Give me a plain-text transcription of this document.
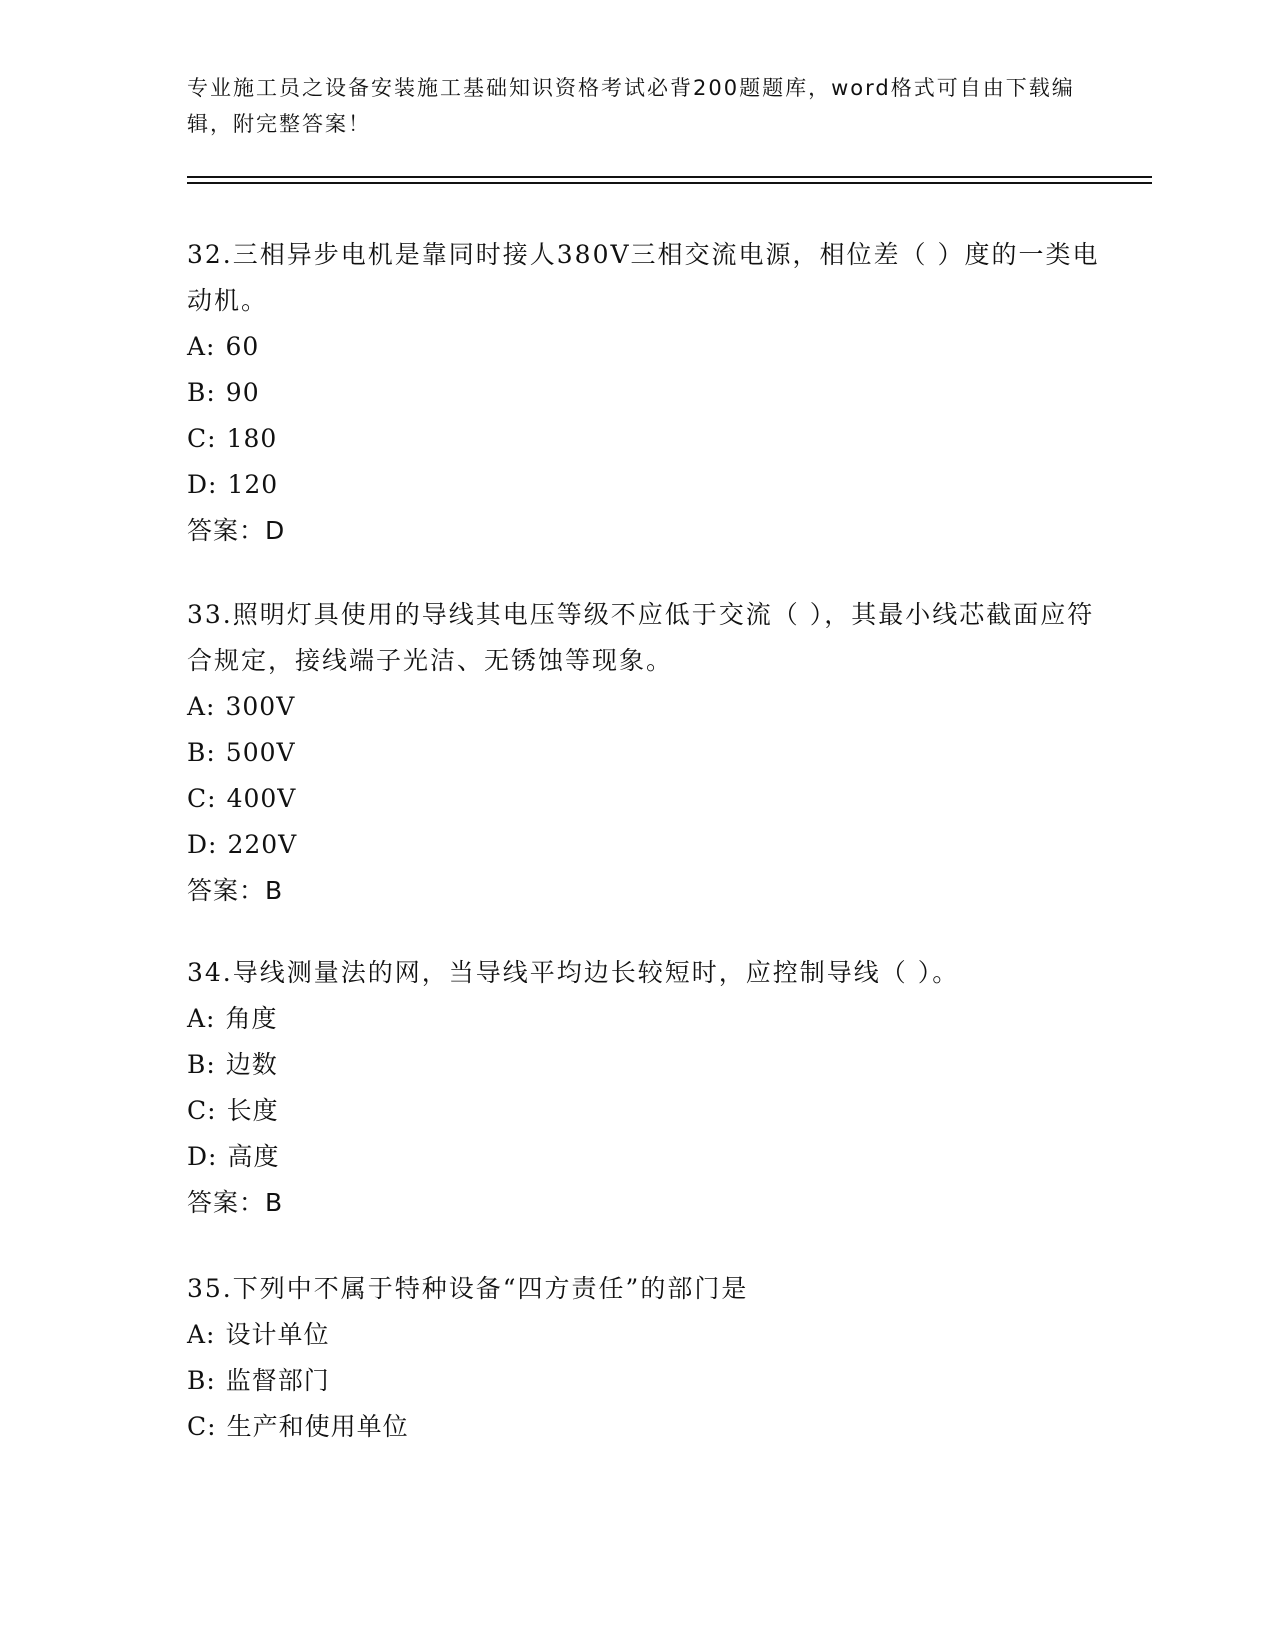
专业施工员之设备安装施工基础知识资格考试必背200题题库，word格式可自由下载编辑，附完整答案！
32.三相异步电机是靠同时接人380V三相交流电源，相位差（ ）度的一类电动机。
A: 60
B: 90
C: 180
D: 120
答案：D
33.照明灯具使用的导线其电压等级不应低于交流（ ），其最小线芯截面应符合规定，接线端子光洁、无锈蚀等现象。
A: 300V
B: 500V
C: 400V
D: 220V
答案：B
34.导线测量法的网，当导线平均边长较短时，应控制导线（ ）。
A: 角度
B: 边数
C: 长度
D: 高度
答案：B
35.下列中不属于特种设备“四方责任”的部门是
A: 设计单位
B: 监督部门
C: 生产和使用单位
